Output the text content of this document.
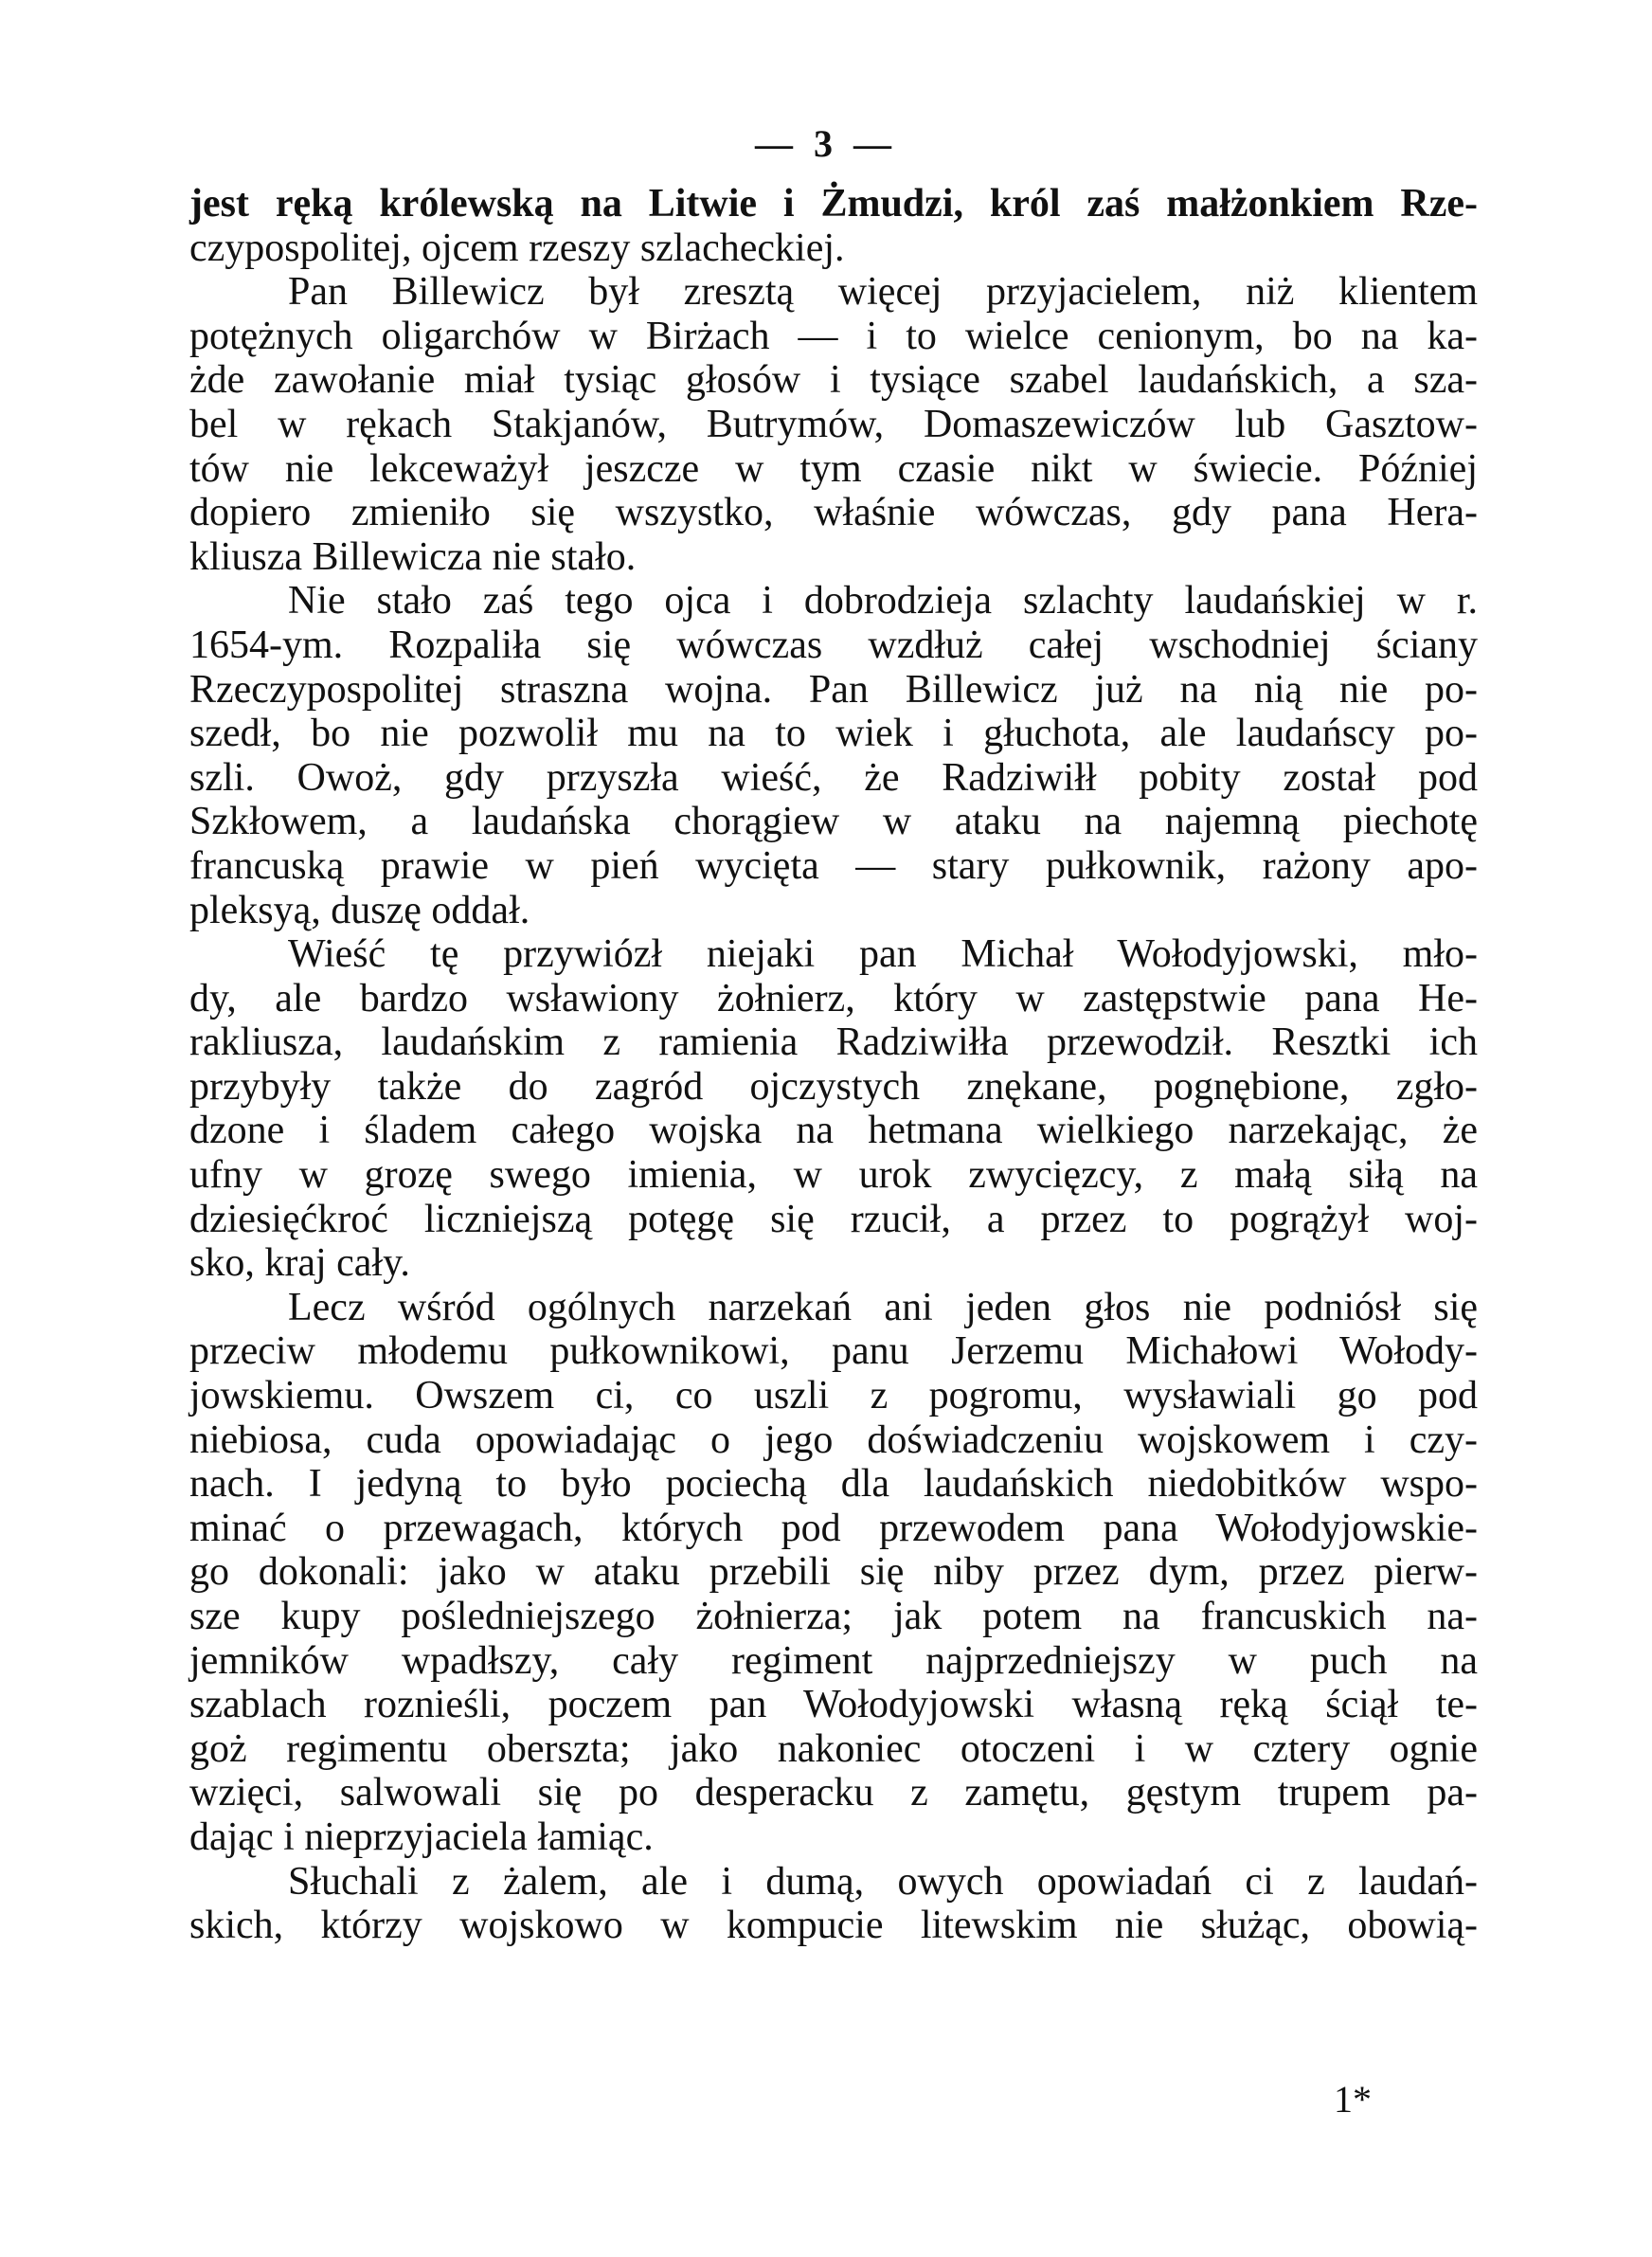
— 3 —
jest ręką królewską na Litwie i Żmudzi, król zaś małżonkiem Rze-
czypospolitej, ojcem rzeszy szlacheckiej.
Pan Billewicz był zresztą więcej przyjacielem, niż klientem
potężnych oligarchów w Birżach — i to wielce cenionym, bo na ka-
żde zawołanie miał tysiąc głosów i tysiące szabel laudańskich, a sza-
bel w rękach Stakjanów, Butrymów, Domaszewiczów lub Gasztow-
tów nie lekceważył jeszcze w tym czasie nikt w świecie. Później
dopiero zmieniło się wszystko, właśnie wówczas, gdy pana Hera-
kliusza Billewicza nie stało.
Nie stało zaś tego ojca i dobrodzieja szlachty laudańskiej w r.
1654-ym. Rozpaliła się wówczas wzdłuż całej wschodniej ściany
Rzeczypospolitej straszna wojna. Pan Billewicz już na nią nie po-
szedł, bo nie pozwolił mu na to wiek i głuchota, ale laudańscy po-
szli. Owoż, gdy przyszła wieść, że Radziwiłł pobity został pod
Szkłowem, a laudańska chorągiew w ataku na najemną piechotę
francuską prawie w pień wycięta — stary pułkownik, rażony apo-
pleksyą, duszę oddał.
Wieść tę przywiózł niejaki pan Michał Wołodyjowski, mło-
dy, ale bardzo wsławiony żołnierz, który w zastępstwie pana He-
rakliusza, laudańskim z ramienia Radziwiłła przewodził. Resztki ich
przybyły także do zagród ojczystych znękane, pognębione, zgło-
dzone i śladem całego wojska na hetmana wielkiego narzekając, że
ufny w grozę swego imienia, w urok zwycięzcy, z małą siłą na
dziesięćkroć liczniejszą potęgę się rzucił, a przez to pogrążył woj-
sko, kraj cały.
Lecz wśród ogólnych narzekań ani jeden głos nie podniósł się
przeciw młodemu pułkownikowi, panu Jerzemu Michałowi Wołody-
jowskiemu. Owszem ci, co uszli z pogromu, wysławiali go pod
niebiosa, cuda opowiadając o jego doświadczeniu wojskowem i czy-
nach. I jedyną to było pociechą dla laudańskich niedobitków wspo-
minać o przewagach, których pod przewodem pana Wołodyjowskie-
go dokonali: jako w ataku przebili się niby przez dym, przez pierw-
sze kupy pośledniejszego żołnierza; jak potem na francuskich na-
jemników wpadłszy, cały regiment najprzedniejszy w puch na
szablach roznieśli, poczem pan Wołodyjowski własną ręką ściął te-
goż regimentu oberszta; jako nakoniec otoczeni i w cztery ognie
wzięci, salwowali się po desperacku z zamętu, gęstym trupem pa-
dając i nieprzyjaciela łamiąc.
Słuchali z żalem, ale i dumą, owych opowiadań ci z laudań-
skich, którzy wojskowo w kompucie litewskim nie służąc, obowią-
1*
